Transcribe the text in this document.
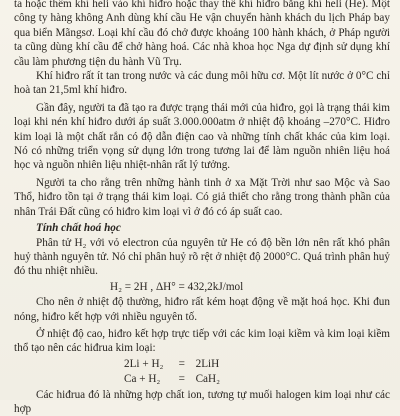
ta hoặc thêm khí heli vào khí hiđro hoặc thay thế khí hiđro bằng khí heli (He). Một công ty hàng không Anh dùng khí cầu He vận chuyển hành khách du lịch Pháp bay qua biển Mãngsơ. Loại khí cầu đó chở được khoảng 100 hành khách, ở Pháp người ta cũng dùng khí cầu để chở hàng hoá. Các nhà khoa học Nga dự định sử dụng khí cầu làm phương tiện du hành Vũ Trụ.

Khí hiđro rất ít tan trong nước và các dung môi hữu cơ. Một lít nước ở 0°C chỉ hoà tan 21,5ml khí hiđro.

Gần đây, người ta đã tạo ra được trạng thái mới của hiđro, gọi là trạng thái kim loại khi nén khí hiđro dưới áp suất 3.000.000atm ở nhiệt độ khoảng –270°C. Hiđro kim loại là một chất rắn có độ dẫn điện cao và những tính chất khác của kim loại. Nó có những triển vọng sử dụng lớn trong tương lai để làm nguồn nhiên liệu hoá học và nguồn nhiên liệu nhiệt-nhân rất lý tưởng.

Người ta cho rằng trên những hành tinh ở xa Mặt Trời như sao Mộc và Sao Thổ, hiđro tồn tại ở trạng thái kim loại. Có giả thiết cho rằng trong thành phần của nhân Trái Đất cũng có hiđro kim loại vì ở đó có áp suất cao.

Tính chất hoá học

Phân tử H₂ với vỏ electron của nguyên tử He có độ bền lớn nên rất khó phân huỷ thành nguyên tử. Nó chỉ phân huỷ rõ rệt ở nhiệt độ 2000°C. Quá trình phân huỷ đó thu nhiệt nhiều.

H₂ = 2H , ΔH° = 432,2kJ/mol

Cho nên ở nhiệt độ thường, hiđro rất kém hoạt động về mặt hoá học. Khi đun nóng, hiđro kết hợp với nhiều nguyên tố.

Ở nhiệt độ cao, hiđro kết hợp trực tiếp với các kim loại kiềm và kim loại kiềm thổ tạo nên các hiđrua kim loại:

2Li + H₂ = 2LiH

Ca + H₂ = CaH₂

Các hiđrua đó là những hợp chất ion, tương tự muối halogen kim loại như các hợp
